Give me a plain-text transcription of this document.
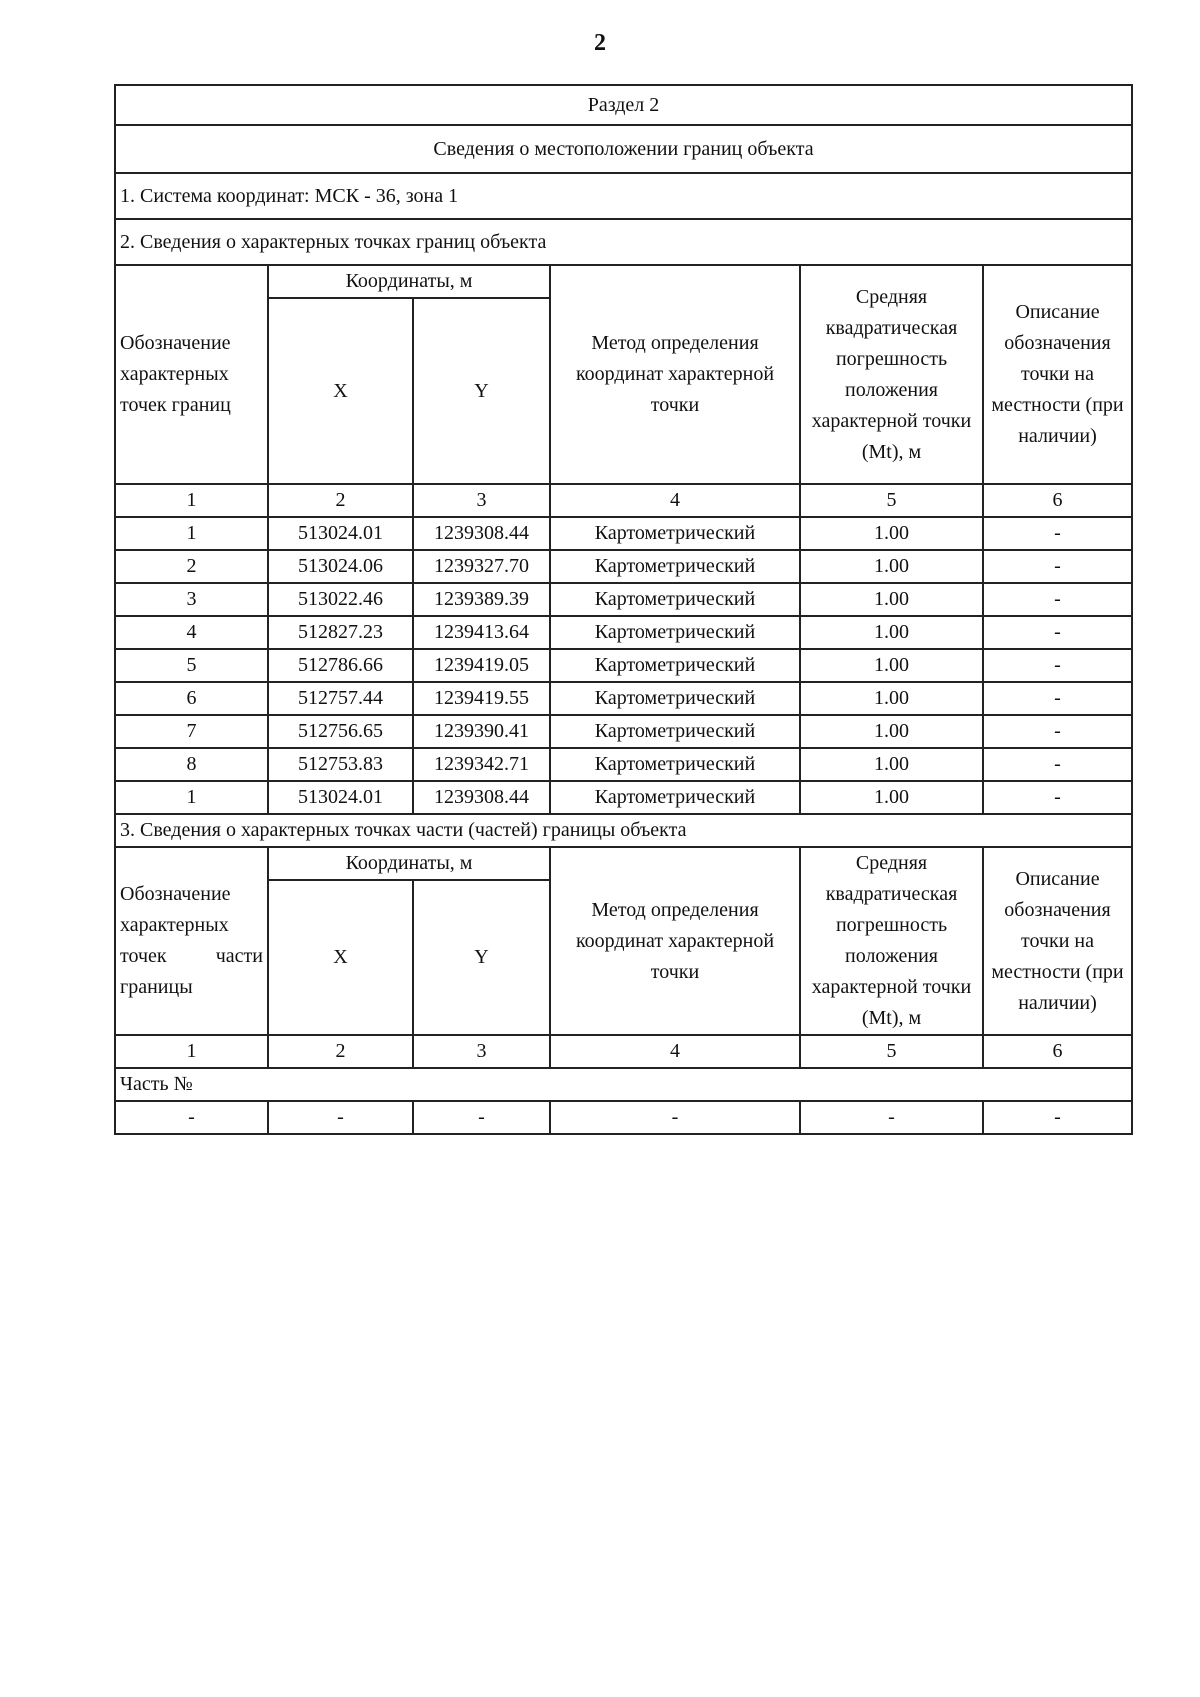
2
Раздел 2					
Сведения о местоположении границ объекта					
1. Система координат: МСК - 36, зона 1					
2. Сведения о характерных точках границ объекта					
Обозначение характерных точек границ	Координаты, м		Метод определения координат характерной точки	Средняя квадратическая погрешность положения характерной точки (Mt), м	Описание обозначения точки на местности (при наличии)
	X	Y			
1	2	3	4	5	6
1	513024.01	1239308.44	Картометрический	1.00	-
2	513024.06	1239327.70	Картометрический	1.00	-
3	513022.46	1239389.39	Картометрический	1.00	-
4	512827.23	1239413.64	Картометрический	1.00	-
5	512786.66	1239419.05	Картометрический	1.00	-
6	512757.44	1239419.55	Картометрический	1.00	-
7	512756.65	1239390.41	Картометрический	1.00	-
8	512753.83	1239342.71	Картометрический	1.00	-
1	513024.01	1239308.44	Картометрический	1.00	-
3. Сведения о характерных точках части (частей) границы объекта					
Обозначение характерных точек части границы	Координаты, м		Метод определения координат характерной точки	Средняя квадратическая погрешность положения характерной точки (Mt), м	Описание обозначения точки на местности (при наличии)
	X	Y			
1	2	3	4	5	6
Часть №					
-	-	-	-	-	-
